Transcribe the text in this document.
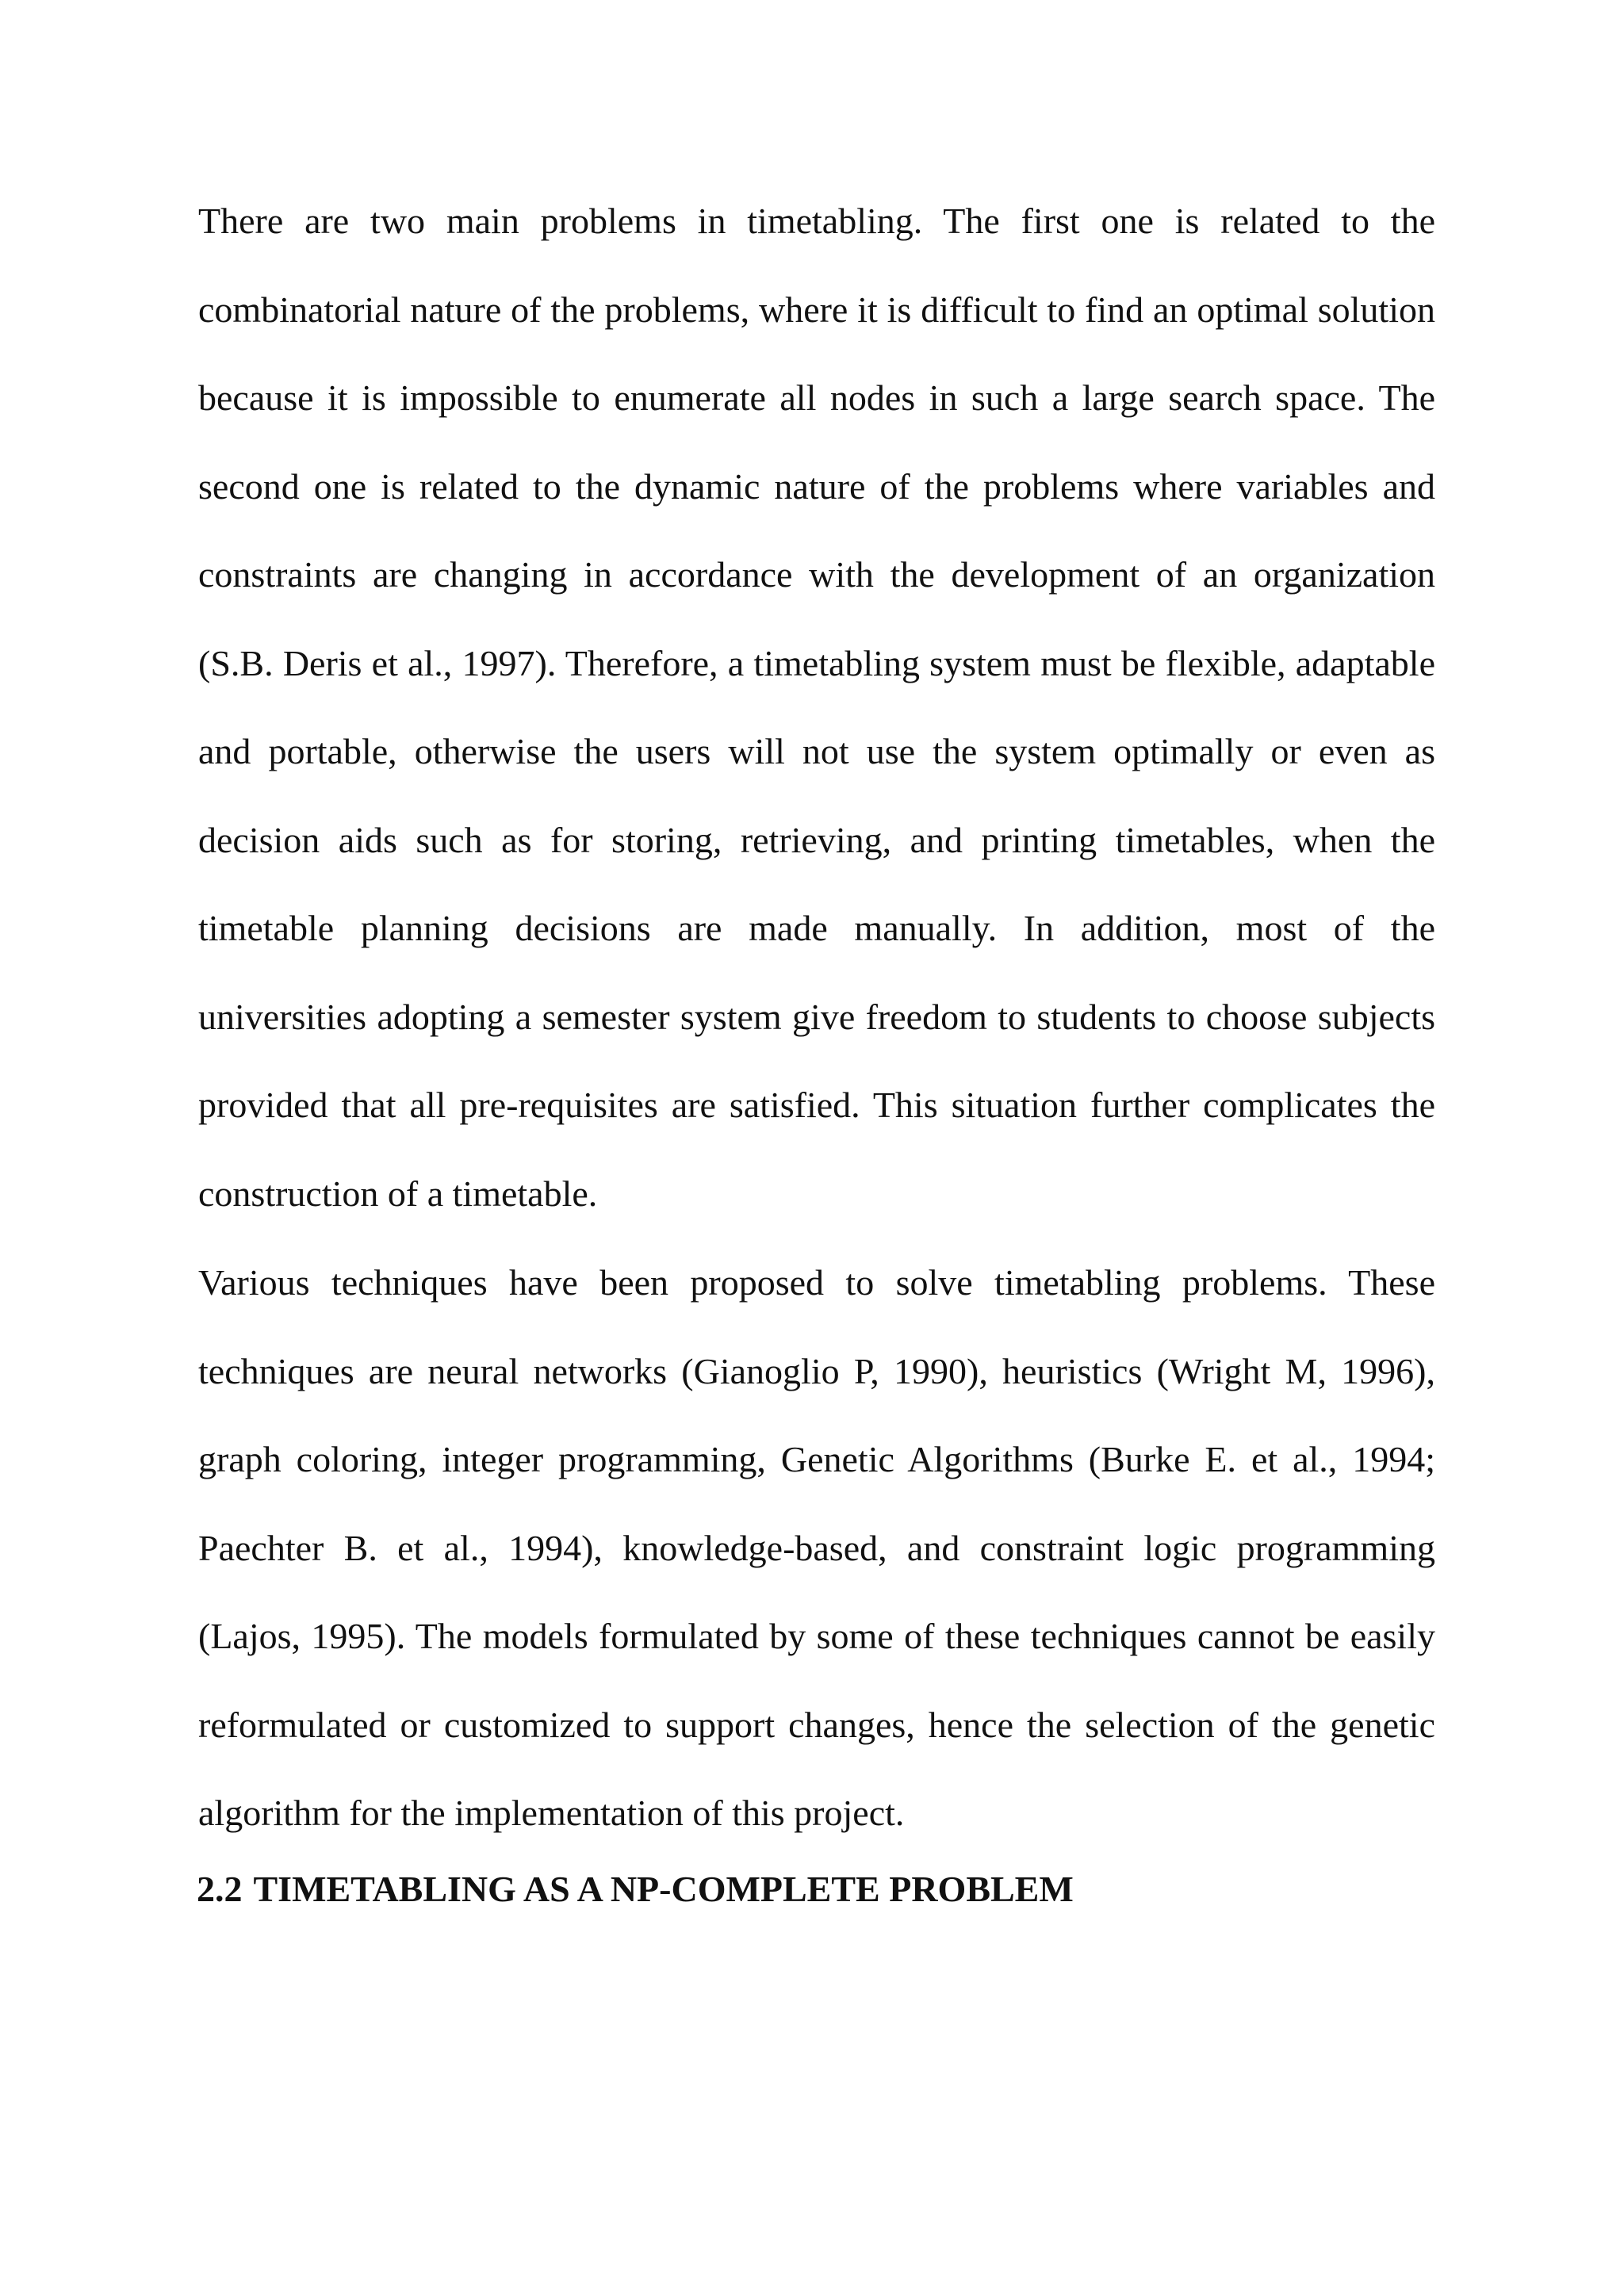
There are two main problems in timetabling. The first one is related to the combinatorial nature of the problems, where it is difficult to find an optimal solution because it is impossible to enumerate all nodes in such a large search space. The second one is related to the dynamic nature of the problems where variables and constraints are changing in accordance with the development of an organization (S.B. Deris et al., 1997). Therefore, a timetabling system must be flexible, adaptable and portable, otherwise the users will not use the system optimally or even as decision aids such as for storing, retrieving, and printing timetables, when the timetable planning decisions are made manually. In addition, most of the universities adopting a semester system give freedom to students to choose subjects provided that all pre-requisites are satisfied. This situation further complicates the construction of a timetable.

Various techniques have been proposed to solve timetabling problems. These techniques are neural networks (Gianoglio P, 1990), heuristics (Wright M, 1996), graph coloring, integer programming, Genetic Algorithms (Burke E. et al., 1994; Paechter B. et al., 1994), knowledge-based, and constraint logic programming (Lajos, 1995). The models formulated by some of these techniques cannot be easily reformulated or customized to support changes, hence the selection of the genetic algorithm for the implementation of this project.

2.2 TIMETABLING AS A NP-COMPLETE PROBLEM
